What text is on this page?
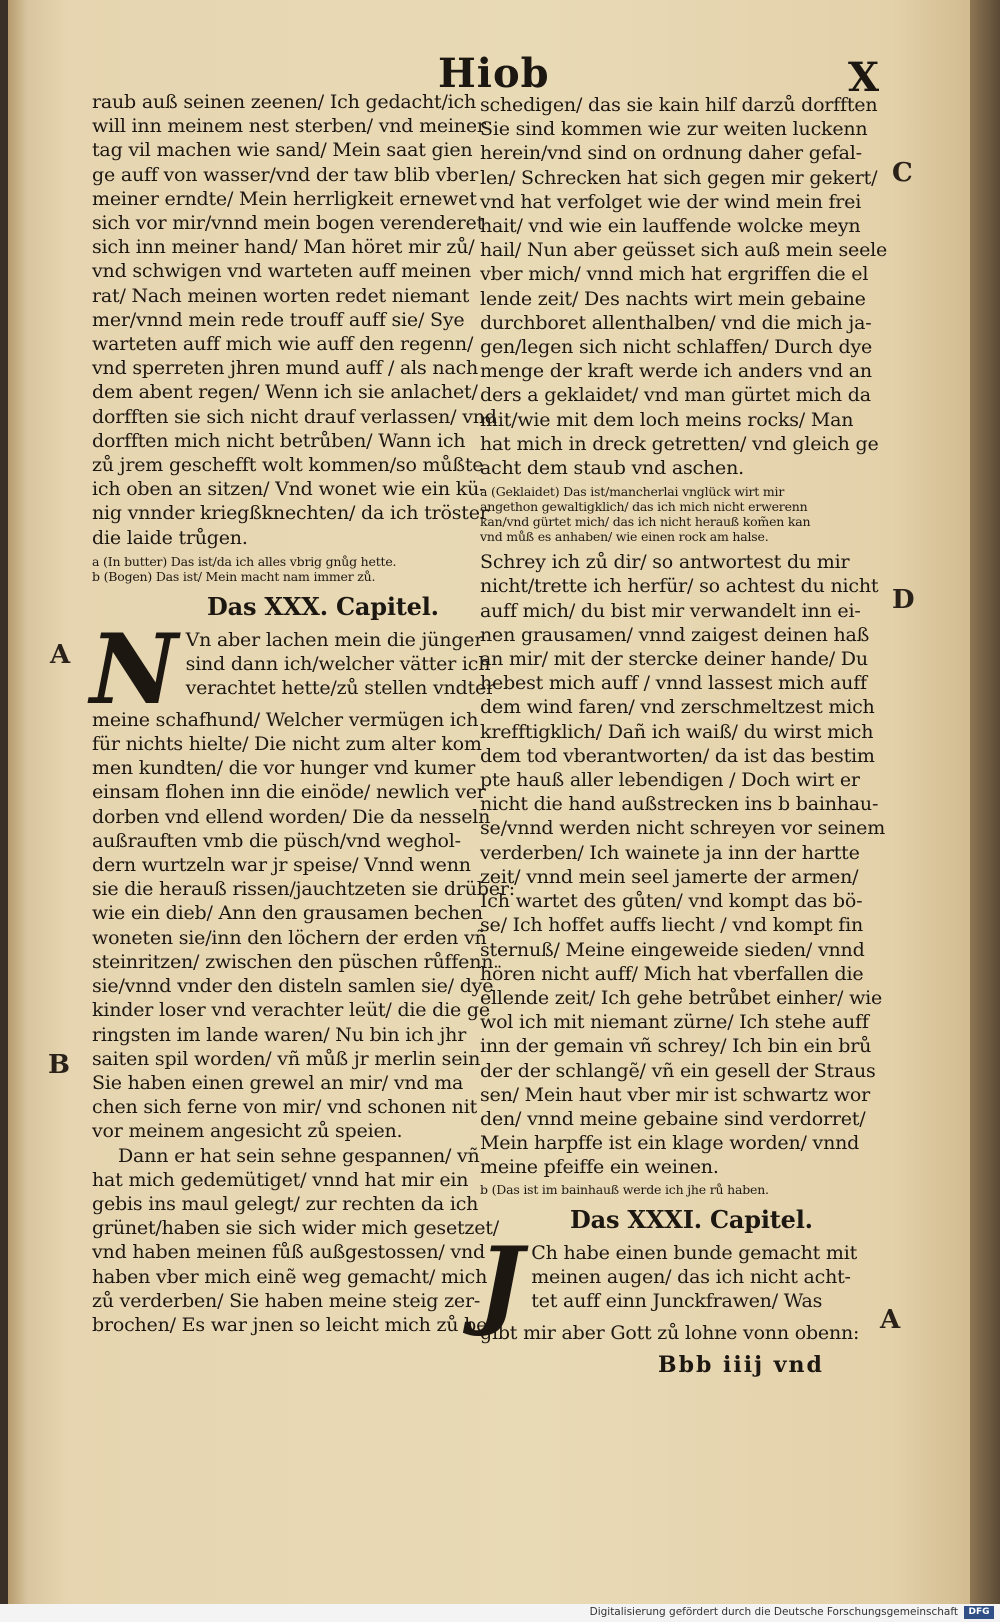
Hiob	X

raub auß seinen zeenen/ Ich gedacht/ich

will inn meinem nest sterben/ vnd meiner

tag vil machen wie sand/ Mein saat gien

ge auff von wasser/vnd der taw blib vber

meiner erndte/ Mein herrligkeit ernewet

sich vor mir/vnnd mein bogen verenderet

sich inn meiner hand/ Man höret mir zů/

vnd schwigen vnd warteten auff meinen

rat/ Nach meinen worten redet niemant

mer/vnnd mein rede trouff auff sie/ Sye

warteten auff mich wie auff den regenn/

vnd sperreten jhren mund auff / als nach

dem abent regen/ Wenn ich sie anlachet/

dorfften sie sich nicht drauf verlassen/ vnd

dorfften mich nicht betrůben/ Wann ich

zů jrem geschefft wolt kommen/so můßte

ich oben an sitzen/ Vnd wonet wie ein kü-

nig vnnder kriegßknechten/ da ich tröster

die laide trůgen.

a (In butter) Das ist/da ich alles vbrig gnůg hette.

b (Bogen) Das ist/ Mein macht nam immer zů.

Das XXX. Capitel.
N Vn aber lachen mein die jünger

sind dann ich/welcher vätter ich

verachtet hette/zů stellen vndter

meine schafhund/ Welcher vermügen ich

für nichts hielte/ Die nicht zum alter kom

men kundten/ die vor hunger vnd kumer

einsam flohen inn die einöde/ newlich ver

dorben vnd ellend worden/ Die da nesseln

außrauften vmb die püsch/vnd weghol-

dern wurtzeln war jr speise/ Vnnd wenn

sie die herauß rissen/jauchtzeten sie drüber:

wie ein dieb/ Ann den grausamen bechen

woneten sie/inn den löchern der erden vñ

steinritzen/ zwischen den püschen růffenn

sie/vnnd vnder den disteln samlen sie/ dye

kinder loser vnd verachter leüt/ die die ge

ringsten im lande waren/ Nu bin ich jhr

saiten spil worden/ vñ můß jr merlin sein

Sie haben einen grewel an mir/ vnd ma

chen sich ferne von mir/ vnd schonen nit

vor meinem angesicht zů speien.

Dann er hat sein sehne gespannen/ vñ

hat mich gedemütiget/ vnnd hat mir ein

gebis ins maul gelegt/ zur rechten da ich

grünet/haben sie sich wider mich gesetzet/

vnd haben meinen fůß außgestossen/ vnd

haben vber mich einẽ weg gemacht/ mich

zů verderben/ Sie haben meine steig zer-

brochen/ Es war jnen so leicht mich zů be-

schedigen/ das sie kain hilf darzů dorfften

Sie sind kommen wie zur weiten luckenn

herein/vnd sind on ordnung daher gefal-

len/ Schrecken hat sich gegen mir gekert/

vnd hat verfolget wie der wind mein frei

hait/ vnd wie ein lauffende wolcke meyn

hail/ Nun aber geüsset sich auß mein seele

vber mich/ vnnd mich hat ergriffen die el

lende zeit/ Des nachts wirt mein gebaine

durchboret allenthalben/ vnd die mich ja-

gen/legen sich nicht schlaffen/ Durch dye

menge der kraft werde ich anders vnd an

ders a geklaidet/ vnd man gürtet mich da

mit/wie mit dem loch meins rocks/ Man

hat mich in dreck getretten/ vnd gleich ge

acht dem staub vnd aschen.

a (Geklaidet) Das ist/mancherlai vnglück wirt mir

angethon gewaltigklich/ das ich mich nicht erwerenn

kan/vnd gürtet mich/ das ich nicht herauß kom̃en kan

vnd můß es anhaben/ wie einen rock am halse.

Schrey ich zů dir/ so antwortest du mir

nicht/trette ich herfür/ so achtest du nicht

auff mich/ du bist mir verwandelt inn ei-

nen grausamen/ vnnd zaigest deinen haß

an mir/ mit der stercke deiner hande/ Du

hebest mich auff / vnnd lassest mich auff

dem wind faren/ vnd zerschmeltzest mich

krefftigklich/ Dañ ich waiß/ du wirst mich

dem tod vberantworten/ da ist das bestim

pte hauß aller lebendigen / Doch wirt er

nicht die hand außstrecken ins b bainhau-

se/vnnd werden nicht schreyen vor seinem

verderben/ Ich wainete ja inn der hartte

zeit/ vnnd mein seel jamerte der armen/

Ich wartet des gůten/ vnd kompt das bö-

se/ Ich hoffet auffs liecht / vnd kompt fin

sternuß/ Meine eingeweide sieden/ vnnd

hören nicht auff/ Mich hat vberfallen die

ellende zeit/ Ich gehe betrůbet einher/ wie

wol ich mit niemant zürne/ Ich stehe auff

inn der gemain vñ schrey/ Ich bin ein brů

der der schlangẽ/ vñ ein gesell der Straus

sen/ Mein haut vber mir ist schwartz wor

den/ vnnd meine gebaine sind verdorret/

Mein harpffe ist ein klage worden/ vnnd

meine pfeiffe ein weinen.

b (Das ist im bainhauß werde ich jhe rů haben.
Das XXXI. Capitel.
J Ch habe einen bunde gemacht mit

meinen augen/ das ich nicht acht-

tet auff einn Junckfrawen/ Was

gibt mir aber Gott zů lohne vonn obenn:
Bbb iiij vnd
A
B
C
D
A
Digitalisierung gefördert durch die Deutsche Forschungsgemeinschaft	DFG
